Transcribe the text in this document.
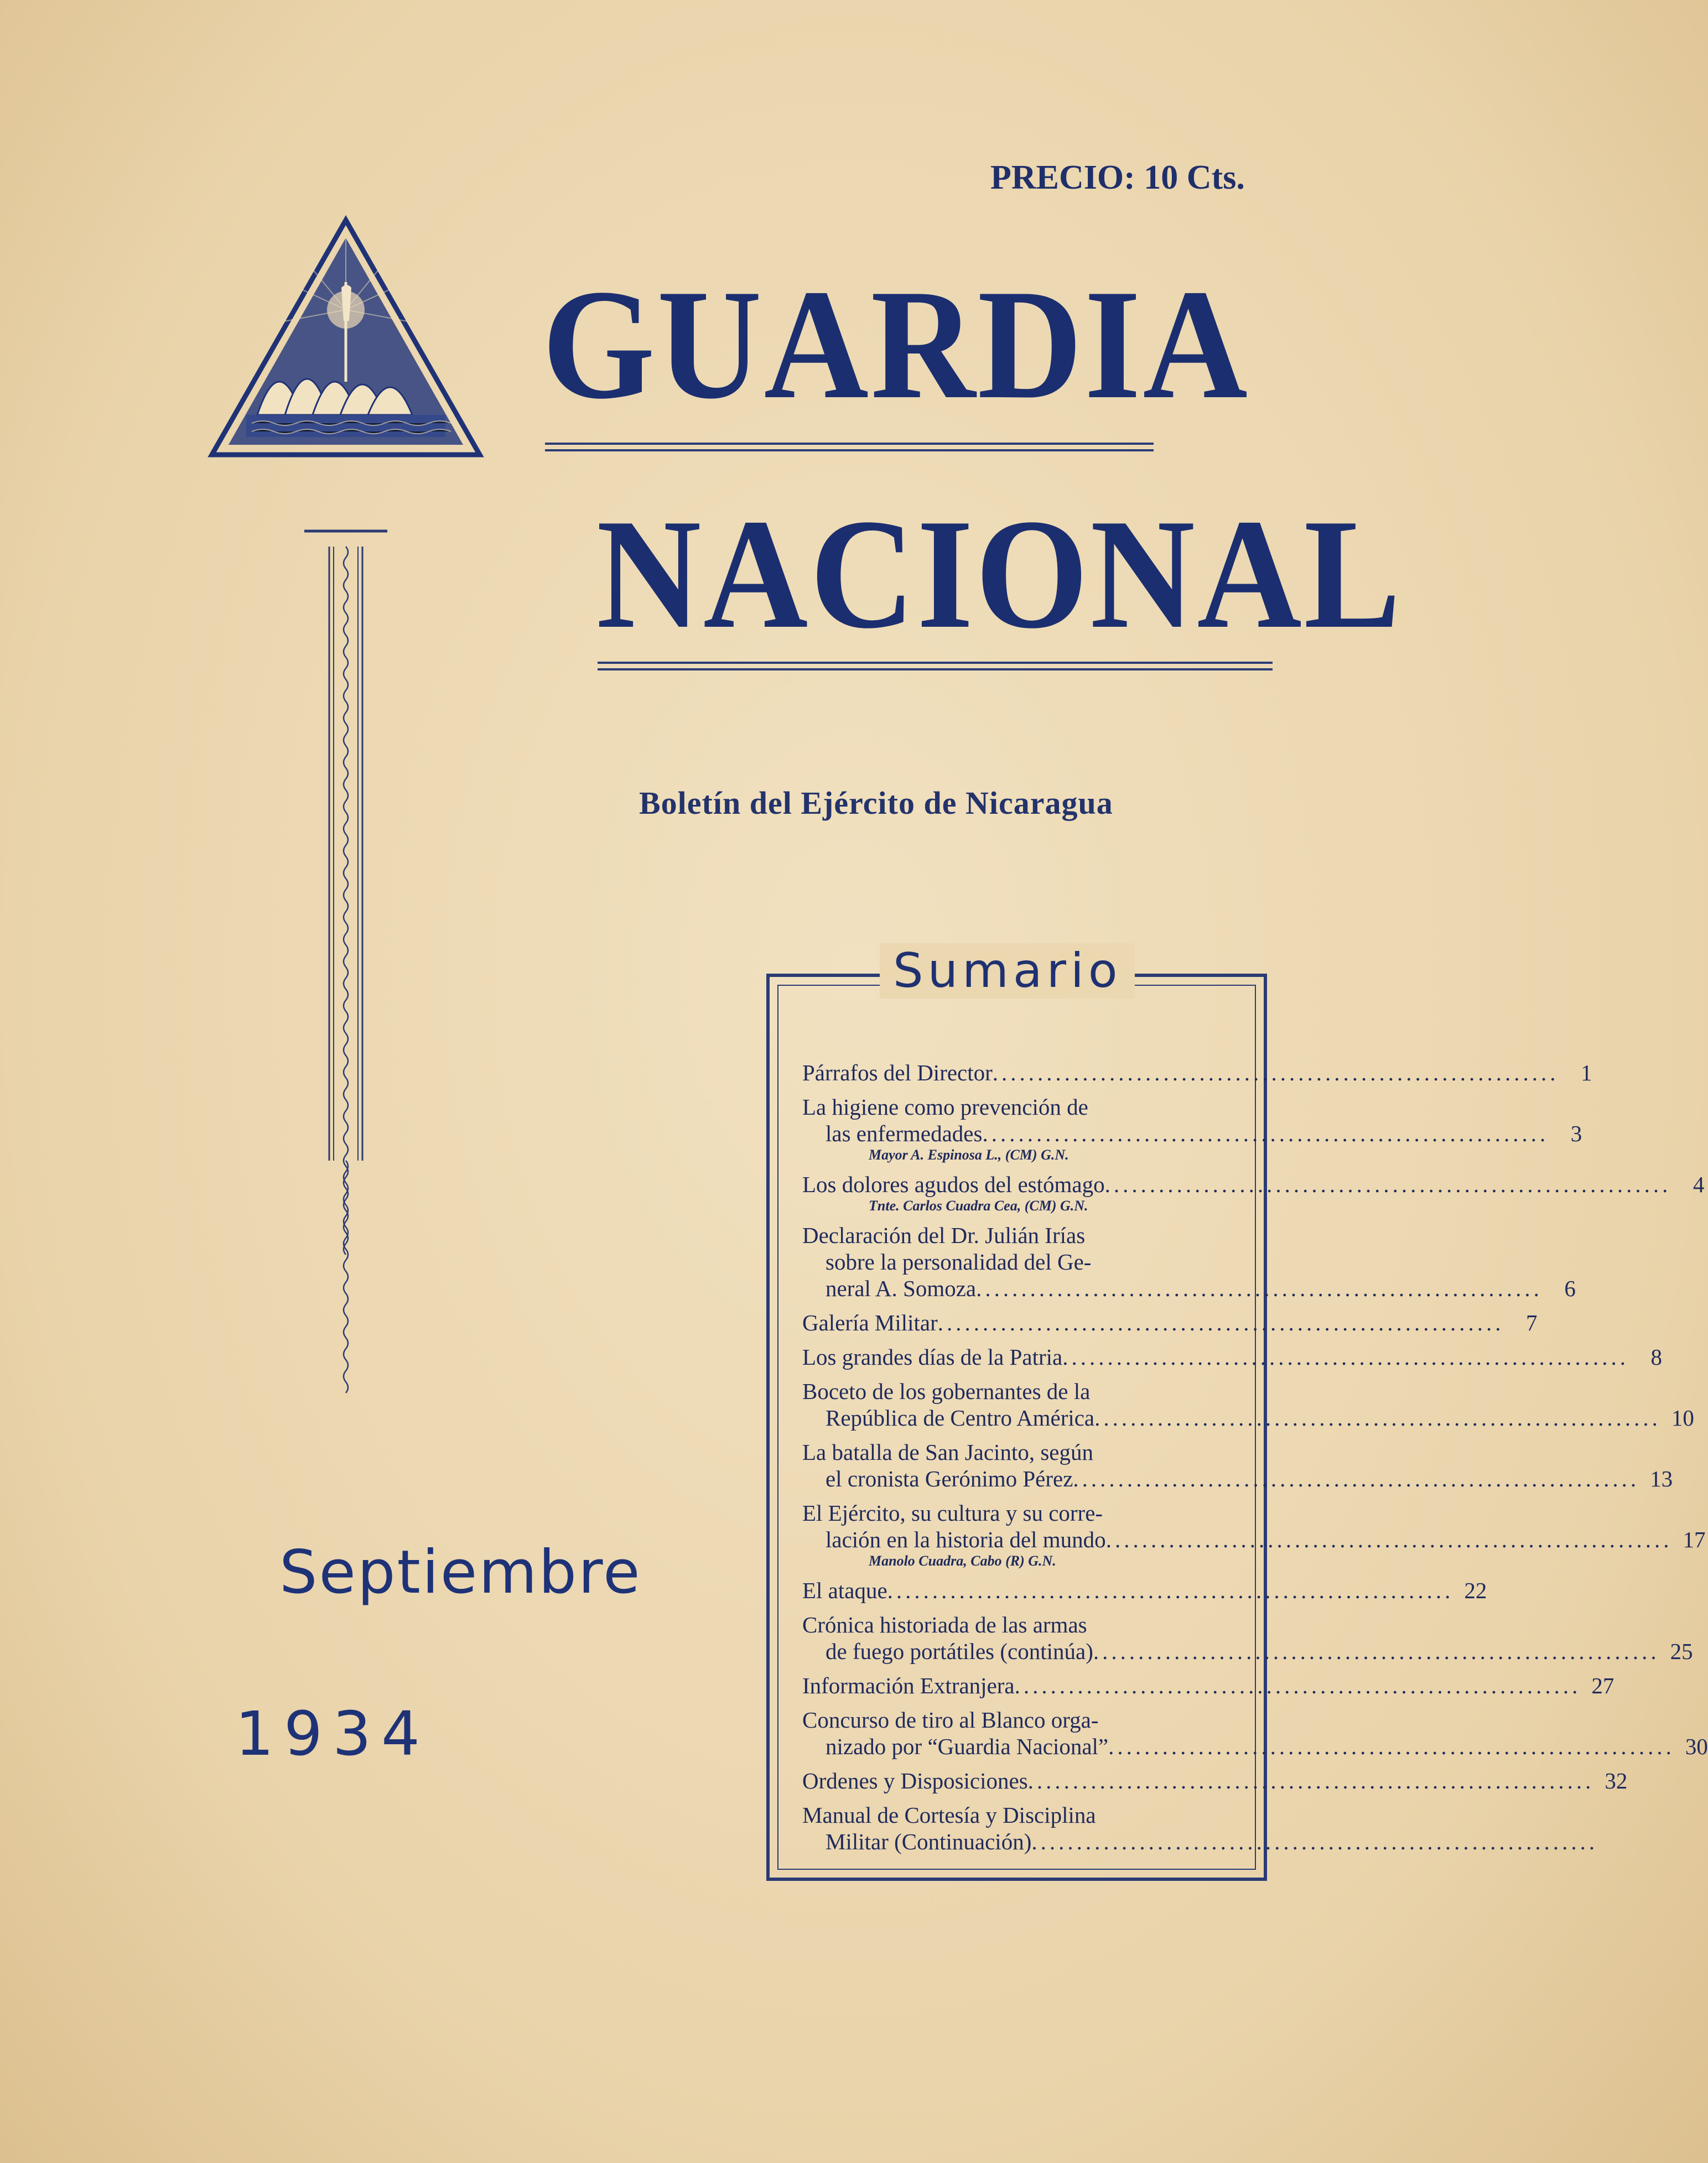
PRECIO: 10 Cts.
GUARDIA
NACIONAL
Boletín del Ejército de Nicaragua
Septiembre
1934
Sumario
Párrafos del Director .....	1
La higiene como prevención de
las enfermedades .....	3
Mayor A. Espinosa L., (CM) G.N.
Los dolores agudos del estómago .....	4
Tnte. Carlos Cuadra Cea, (CM) G.N.
Declaración del Dr. Julián Irías
sobre la personalidad del Ge-
neral A. Somoza .....	6
Galería Militar .....	7
Los grandes días de la Patria .....	8
Boceto de los gobernantes de la
República de Centro América .....	10
La batalla de San Jacinto, según
el cronista Gerónimo Pérez .....	13
El Ejército, su cultura y su corre-
lación en la historia del mundo .....	17
Manolo Cuadra, Cabo (R) G.N.
El ataque .....	22
Crónica historiada de las armas
de fuego portátiles (continúa) .....	25
Información Extranjera .....	27
Concurso de tiro al Blanco orga-
nizado por “Guardia Nacional” .....	30
Ordenes y Disposiciones .....	32
Manual de Cortesía y Disciplina
Militar (Continuación)
.....
